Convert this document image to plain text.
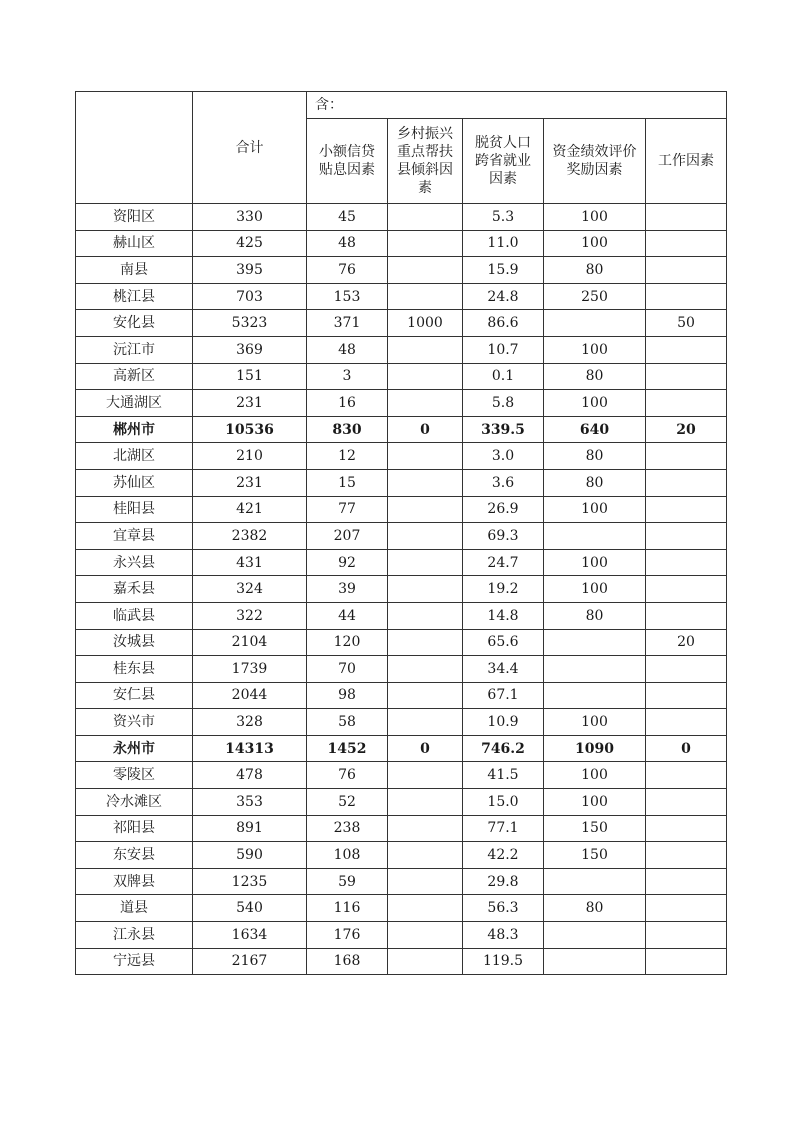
	合计	含：				
		小额信贷贴息因素	乡村振兴重点帮扶县倾斜因素	脱贫人口跨省就业因素	资金绩效评价奖励因素	工作因素
资阳区	330	45		5.3	100	
赫山区	425	48		11.0	100	
南县	395	76		15.9	80	
桃江县	703	153		24.8	250	
安化县	5323	371	1000	86.6		50
沅江市	369	48		10.7	100	
高新区	151	3		0.1	80	
大通湖区	231	16		5.8	100	
郴州市	10536	830	0	339.5	640	20
北湖区	210	12		3.0	80	
苏仙区	231	15		3.6	80	
桂阳县	421	77		26.9	100	
宜章县	2382	207		69.3		
永兴县	431	92		24.7	100	
嘉禾县	324	39		19.2	100	
临武县	322	44		14.8	80	
汝城县	2104	120		65.6		20
桂东县	1739	70		34.4		
安仁县	2044	98		67.1		
资兴市	328	58		10.9	100	
永州市	14313	1452	0	746.2	1090	0
零陵区	478	76		41.5	100	
冷水滩区	353	52		15.0	100	
祁阳县	891	238		77.1	150	
东安县	590	108		42.2	150	
双牌县	1235	59		29.8		
道县	540	116		56.3	80	
江永县	1634	176		48.3		
宁远县	2167	168		119.5		
